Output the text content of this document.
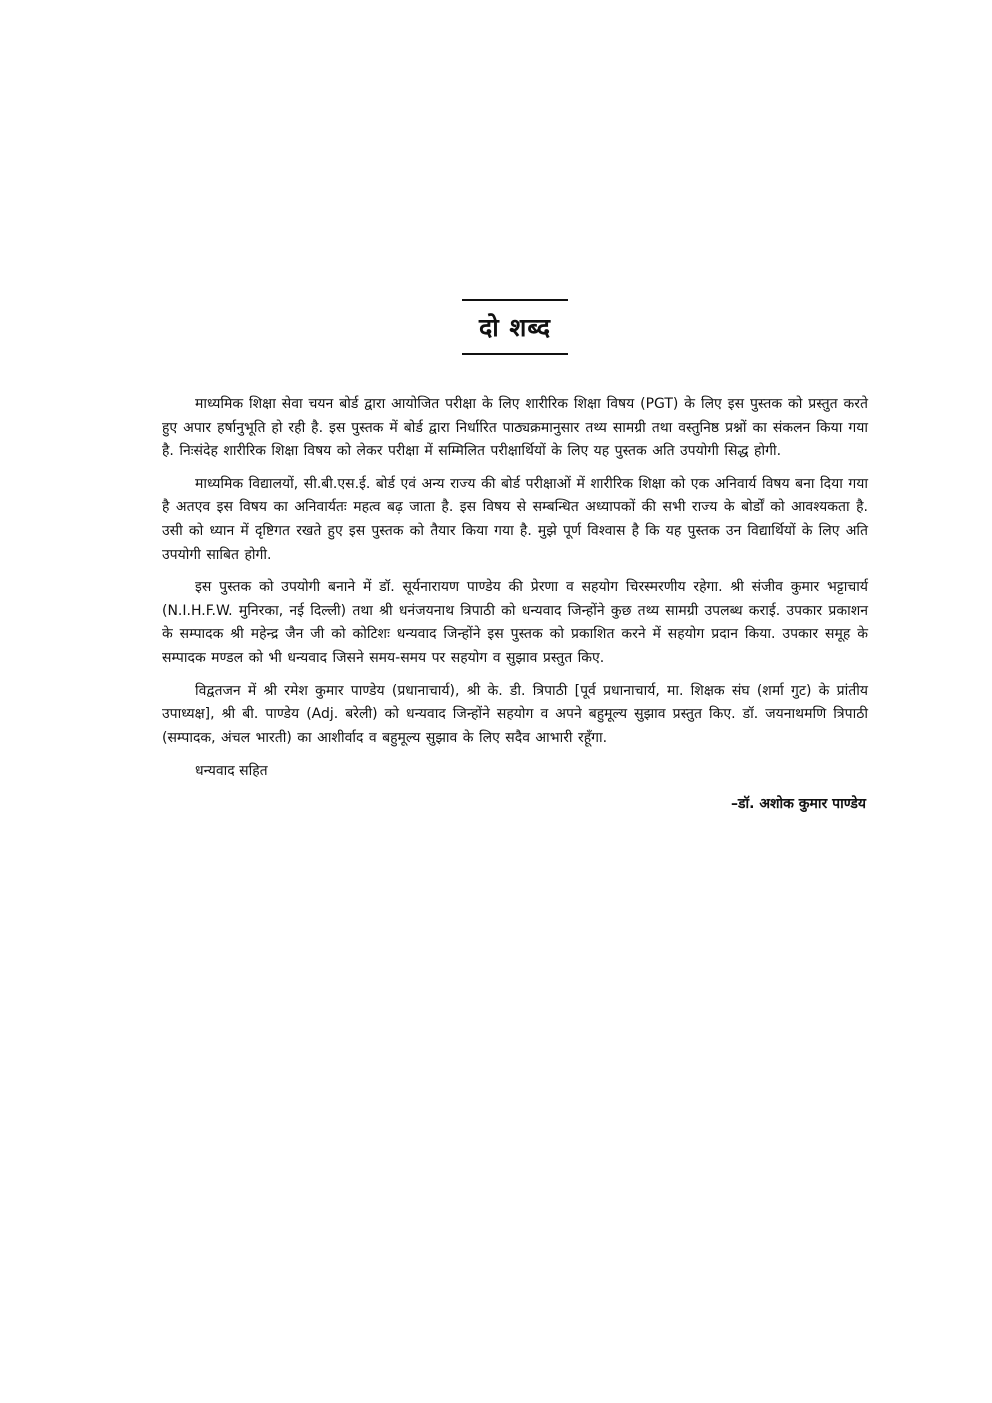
दो शब्द

माध्यमिक शिक्षा सेवा चयन बोर्ड द्वारा आयोजित परीक्षा के लिए शारीरिक शिक्षा विषय (PGT) के लिए इस पुस्तक को प्रस्तुत करते हुए अपार हर्षानुभूति हो रही है. इस पुस्तक में बोर्ड द्वारा निर्धारित पाठ्यक्रमानुसार तथ्य सामग्री तथा वस्तुनिष्ठ प्रश्नों का संकलन किया गया है. निःसंदेह शारीरिक शिक्षा विषय को लेकर परीक्षा में सम्मिलित परीक्षार्थियों के लिए यह पुस्तक अति उपयोगी सिद्ध होगी.

माध्यमिक विद्यालयों, सी.बी.एस.ई. बोर्ड एवं अन्य राज्य की बोर्ड परीक्षाओं में शारीरिक शिक्षा को एक अनिवार्य विषय बना दिया गया है अतएव इस विषय का अनिवार्यतः महत्व बढ़ जाता है. इस विषय से सम्बन्धित अध्यापकों की सभी राज्य के बोर्डों को आवश्यकता है. उसी को ध्यान में दृष्टिगत रखते हुए इस पुस्तक को तैयार किया गया है. मुझे पूर्ण विश्वास है कि यह पुस्तक उन विद्यार्थियों के लिए अति उपयोगी साबित होगी.

इस पुस्तक को उपयोगी बनाने में डॉ. सूर्यनारायण पाण्डेय की प्रेरणा व सहयोग चिरस्मरणीय रहेगा. श्री संजीव कुमार भट्टाचार्य (N.I.H.F.W. मुनिरका, नई दिल्ली) तथा श्री धनंजयनाथ त्रिपाठी को धन्यवाद जिन्होंने कुछ तथ्य सामग्री उपलब्ध कराई. उपकार प्रकाशन के सम्पादक श्री महेन्द्र जैन जी को कोटिशः धन्यवाद जिन्होंने इस पुस्तक को प्रकाशित करने में सहयोग प्रदान किया. उपकार समूह के सम्पादक मण्डल को भी धन्यवाद जिसने समय-समय पर सहयोग व सुझाव प्रस्तुत किए.

विद्वतजन में श्री रमेश कुमार पाण्डेय (प्रधानाचार्य), श्री के. डी. त्रिपाठी [पूर्व प्रधानाचार्य, मा. शिक्षक संघ (शर्मा गुट) के प्रांतीय उपाध्यक्ष], श्री बी. पाण्डेय (Adj. बरेली) को धन्यवाद जिन्होंने सहयोग व अपने बहुमूल्य सुझाव प्रस्तुत किए. डॉ. जयनाथमणि त्रिपाठी (सम्पादक, अंचल भारती) का आशीर्वाद व बहुमूल्य सुझाव के लिए सदैव आभारी रहूँगा.

धन्यवाद सहित

–डॉ. अशोक कुमार पाण्डेय
